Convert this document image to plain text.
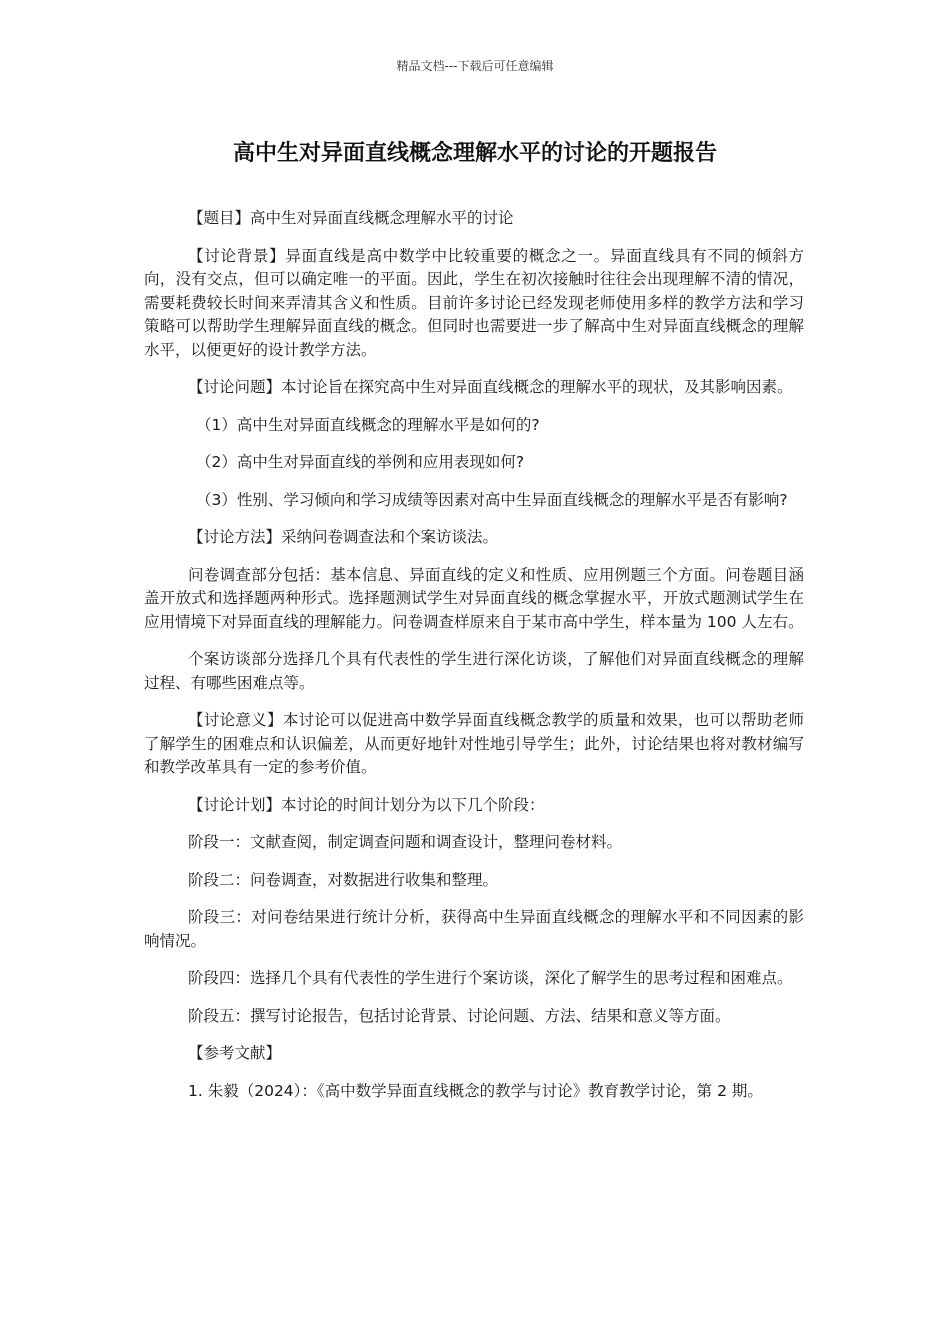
精品文档---下载后可任意编辑
高中生对异面直线概念理解水平的讨论的开题报告

【题目】高中生对异面直线概念理解水平的讨论

【讨论背景】异面直线是高中数学中比较重要的概念之一。异面直线具有不同的倾斜方向，没有交点，但可以确定唯一的平面。因此，学生在初次接触时往往会出现理解不清的情况，需要耗费较长时间来弄清其含义和性质。目前许多讨论已经发现老师使用多样的教学方法和学习策略可以帮助学生理解异面直线的概念。但同时也需要进一步了解高中生对异面直线概念的理解水平，以便更好的设计教学方法。

【讨论问题】本讨论旨在探究高中生对异面直线概念的理解水平的现状，及其影响因素。

（1）高中生对异面直线概念的理解水平是如何的?

（2）高中生对异面直线的举例和应用表现如何?

（3）性别、学习倾向和学习成绩等因素对高中生异面直线概念的理解水平是否有影响?

【讨论方法】采纳问卷调查法和个案访谈法。

问卷调查部分包括：基本信息、异面直线的定义和性质、应用例题三个方面。问卷题目涵盖开放式和选择题两种形式。选择题测试学生对异面直线的概念掌握水平，开放式题测试学生在应用情境下对异面直线的理解能力。问卷调查样原来自于某市高中学生，样本量为 100 人左右。

个案访谈部分选择几个具有代表性的学生进行深化访谈，了解他们对异面直线概念的理解过程、有哪些困难点等。

【讨论意义】本讨论可以促进高中数学异面直线概念教学的质量和效果，也可以帮助老师了解学生的困难点和认识偏差，从而更好地针对性地引导学生；此外，讨论结果也将对教材编写和教学改革具有一定的参考价值。

【讨论计划】本讨论的时间计划分为以下几个阶段：

阶段一：文献查阅，制定调查问题和调查设计，整理问卷材料。

阶段二：问卷调查，对数据进行收集和整理。

阶段三：对问卷结果进行统计分析，获得高中生异面直线概念的理解水平和不同因素的影响情况。

阶段四：选择几个具有代表性的学生进行个案访谈，深化了解学生的思考过程和困难点。

阶段五：撰写讨论报告，包括讨论背景、讨论问题、方法、结果和意义等方面。

【参考文献】

1. 朱毅（2024）：《高中数学异面直线概念的教学与讨论》教育教学讨论，第 2 期。
